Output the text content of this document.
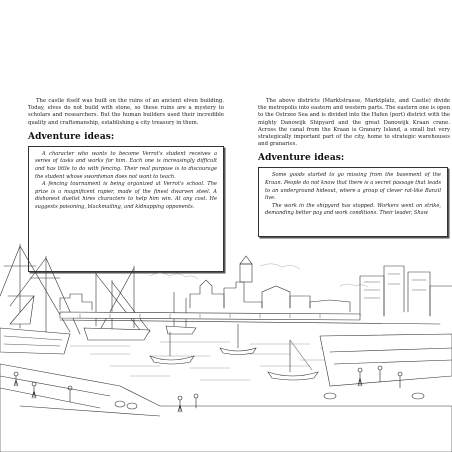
The castle itself was built on the ruins of an ancient elven building. Today, elves do not build with stone, so these ruins are a mystery to scholars and researchers. But the human builders used their incredible quality and craftsmanship, establishing a city treasury in them.

Adventure ideas:

A character who wants to become Verrot's student receives a series of tasks and works for him. Each one is increasingly difficult and has little to do with fencing. Their real purpose is to discourage the student whose swordsman does not want to teach.

A fencing tournament is being organized at Verrot's school. The prize is a magnificent rapier, made of the finest dwarven steel. A dishonest duelist hires characters to help him win. At any cost. He suggests poisoning, blackmailing, and kidnapping opponents.

The above districts (Marktstrasse, Marktplatz, and Castle) divide the metropolis into eastern and western parts. The eastern one is open to the Ostrzee Sea and is divided into the Hafen (port) district with the mighty Danowijk Shipyard and the great Danowijk Kraan crane. Across the canal from the Kraan is Granary Island, a small but very strategically important part of the city, home to strategic warehouses and granaries.

Adventure ideas:

Some goods started to go missing from the basement of the Kraan. People do not know that there is a secret passage that leads to an underground hideout, where a group of clever rat-like Banzil live.

The work in the shipyard has stopped. Workers went on strike, demanding better pay and work conditions. Their leader, Shaw
